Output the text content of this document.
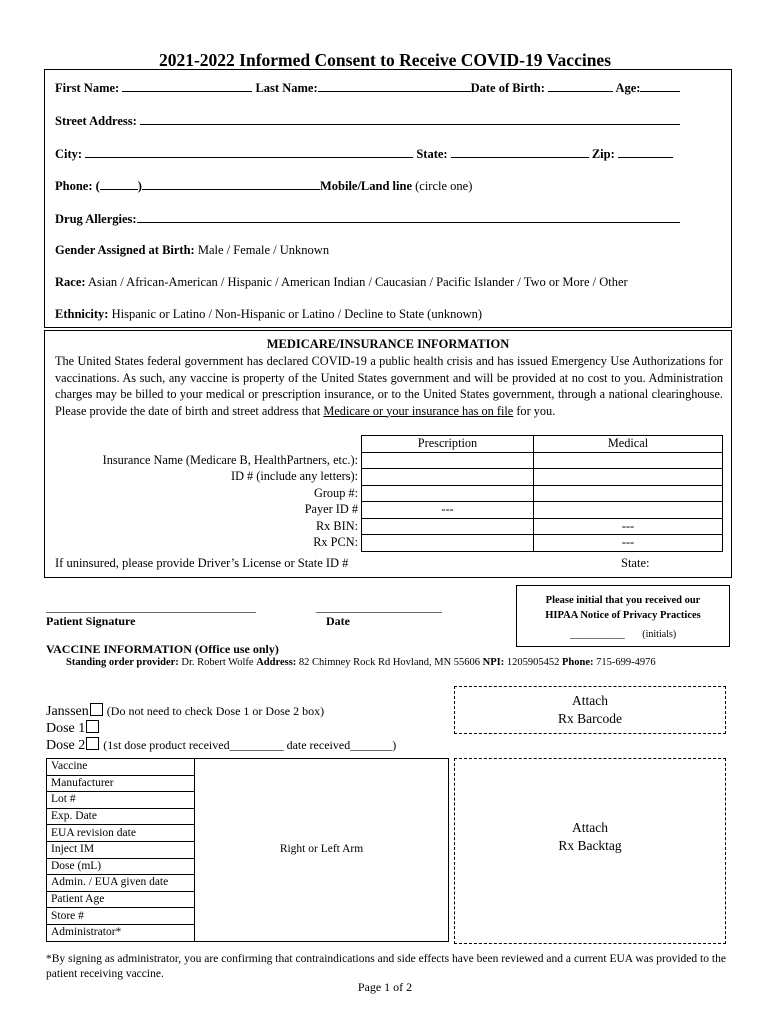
2021-2022 Informed Consent to Receive COVID-19 Vaccines
First Name:	Last Name:	Date of Birth:	Age:
Street Address:
City:	State:	Zip:
Phone: (	)	Mobile/Land line (circle one)
Drug Allergies:
Gender Assigned at Birth: Male / Female / Unknown
Race: Asian / African-American / Hispanic / American Indian / Caucasian / Pacific Islander / Two or More / Other
Ethnicity: Hispanic or Latino / Non-Hispanic or Latino / Decline to State (unknown)
MEDICARE/INSURANCE INFORMATION
The United States federal government has declared COVID-19 a public health crisis and has issued Emergency Use Authorizations for vaccinations. As such, any vaccine is property of the United States government and will be provided at no cost to you. Administration charges may be billed to your medical or prescription insurance, or to the United States government, through a national clearinghouse. Please provide the date of birth and street address that Medicare or your insurance has on file for you.
	Prescription	Medical
Insurance Name (Medicare B, HealthPartners, etc.):		
ID # (include any letters):		
Group #:		
Payer ID #	---	
Rx BIN:		---
Rx PCN:		---
If uninsured, please provide Driver’s License or State ID #	State:
___________________________________	_____________________
Patient Signature	Date
Please initial that you received our
HIPAA Notice of Privacy Practices
___________ (initials)
VACCINE INFORMATION (Office use only)
Standing order provider: Dr. Robert Wolfe Address: 82 Chimney Rock Rd Hovland, MN 55606 NPI: 1205905452 Phone: 715-699-4976
Attach
Rx Barcode
Janssen (Do not need to check Dose 1 or Dose 2 box)
Dose 1
Dose 2 (1st dose product received_________ date received_______)
Vaccine	
Manufacturer	
Lot #	
Exp. Date	
EUA revision date	
Inject IM	Right or Left Arm
Dose (mL)	
Admin. / EUA given date	
Patient Age	
Store #	
Administrator*	
Attach
Rx Backtag
*By signing as administrator, you are confirming that contraindications and side effects have been reviewed and a current EUA was provided to the patient receiving vaccine.
Page 1 of 2
